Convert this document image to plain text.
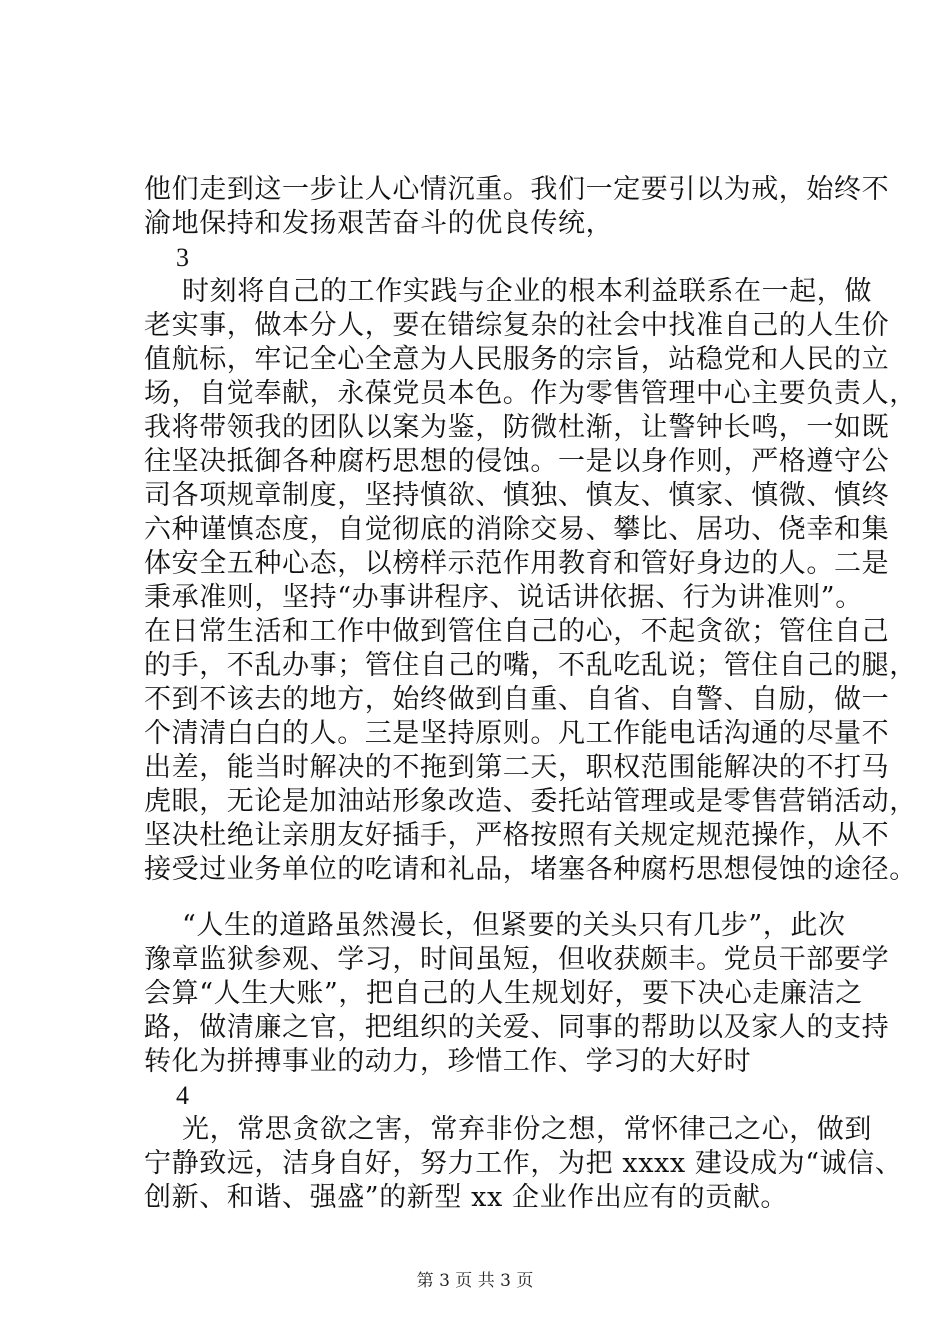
他们走到这一步让人心情沉重。我们一定要引以为戒，始终不
渝地保持和发扬艰苦奋斗的优良传统，
3
时刻将自己的工作实践与企业的根本利益联系在一起，做
老实事，做本分人，要在错综复杂的社会中找准自己的人生价
值航标，牢记全心全意为人民服务的宗旨，站稳党和人民的立
场，自觉奉献，永葆党员本色。作为零售管理中心主要负责人，
我将带领我的团队以案为鉴，防微杜渐，让警钟长鸣，一如既
往坚决抵御各种腐朽思想的侵蚀。一是以身作则，严格遵守公
司各项规章制度，坚持慎欲、慎独、慎友、慎家、慎微、慎终
六种谨慎态度，自觉彻底的消除交易、攀比、居功、侥幸和集
体安全五种心态，以榜样示范作用教育和管好身边的人。二是
秉承准则，坚持“办事讲程序、说话讲依据、行为讲准则”。
在日常生活和工作中做到管住自己的心，不起贪欲；管住自己
的手，不乱办事；管住自己的嘴，不乱吃乱说；管住自己的腿，
不到不该去的地方，始终做到自重、自省、自警、自励，做一
个清清白白的人。三是坚持原则。凡工作能电话沟通的尽量不
出差，能当时解决的不拖到第二天，职权范围能解决的不打马
虎眼，无论是加油站形象改造、委托站管理或是零售营销活动，
坚决杜绝让亲朋友好插手，严格按照有关规定规范操作，从不
接受过业务单位的吃请和礼品，堵塞各种腐朽思想侵蚀的途径。
“人生的道路虽然漫长，但紧要的关头只有几步”，此次
豫章监狱参观、学习，时间虽短，但收获颇丰。党员干部要学
会算“人生大账”，把自己的人生规划好，要下决心走廉洁之
路，做清廉之官，把组织的关爱、同事的帮助以及家人的支持
转化为拼搏事业的动力，珍惜工作、学习的大好时
4
光，常思贪欲之害，常弃非份之想，常怀律己之心，做到
宁静致远，洁身自好，努力工作，为把 xxxx 建设成为“诚信、
创新、和谐、强盛”的新型 xx 企业作出应有的贡献。
第 3 页 共 3 页
